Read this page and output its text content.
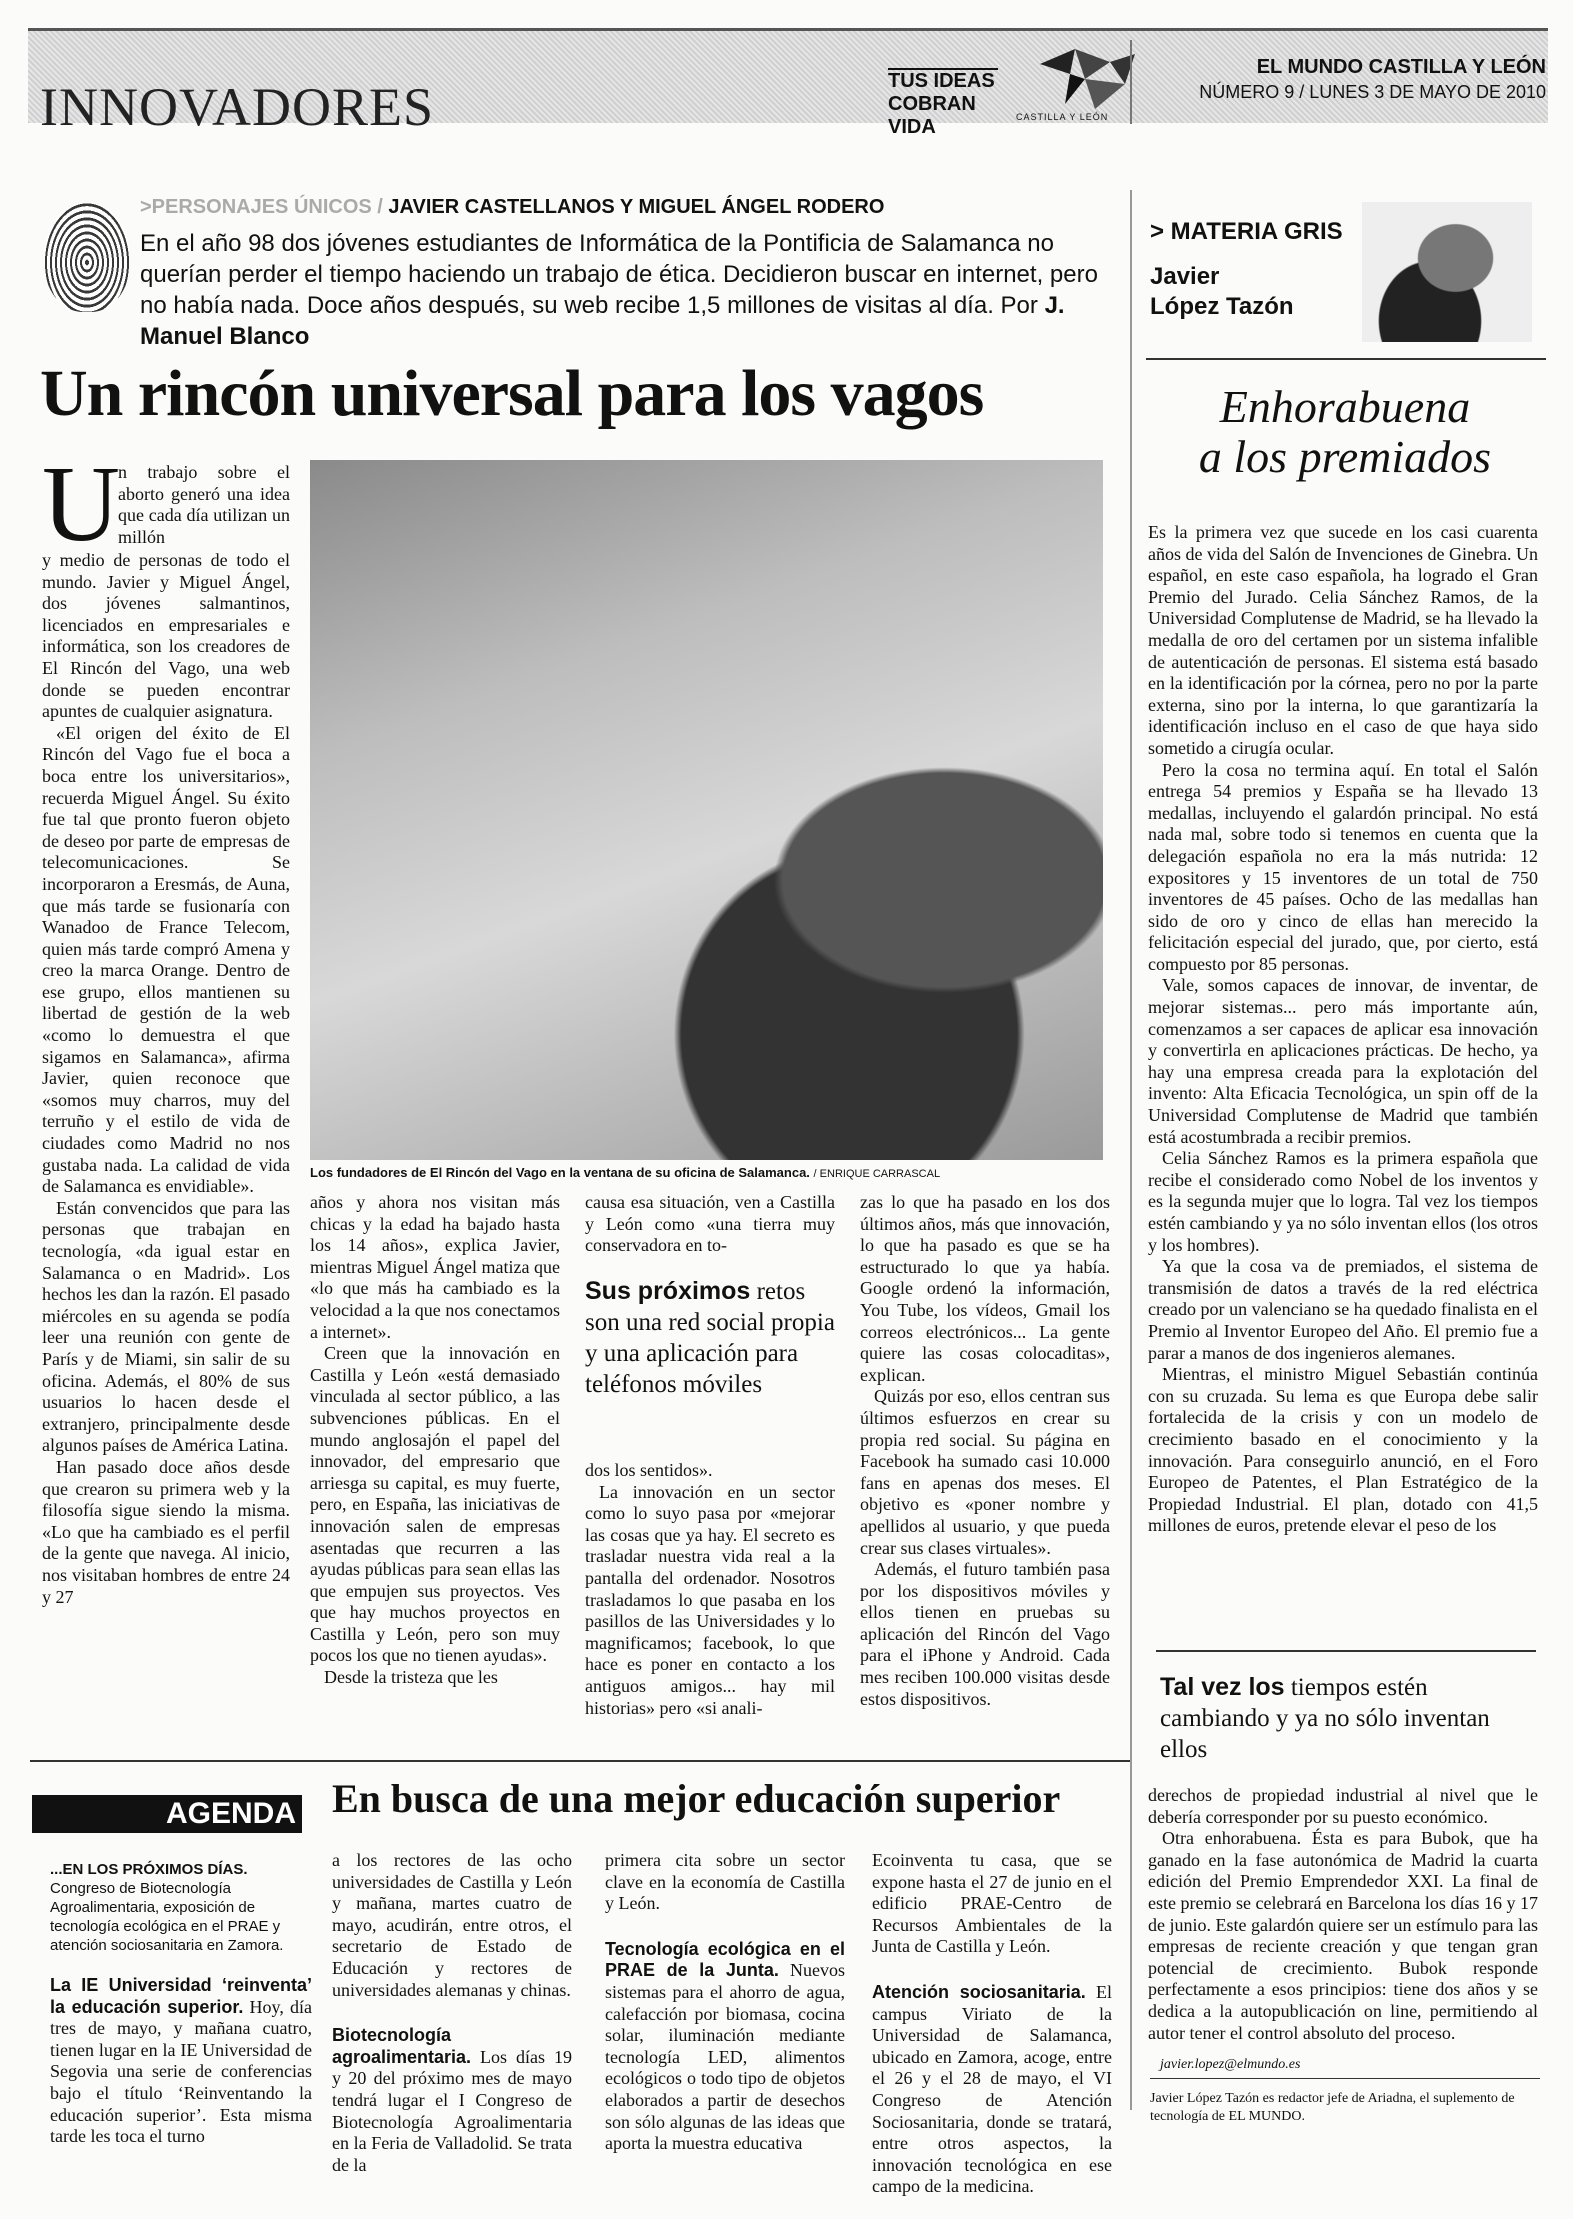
INNOVADORES	TUS IDEAS COBRAN VIDA	CASTILLA Y LEÓN
EL MUNDO CASTILLA Y LEÓN
NÚMERO 9 / LUNES 3 DE MAYO DE 2010
>PERSONAJES ÚNICOS / JAVIER CASTELLANOS Y MIGUEL ÁNGEL RODERO
En el año 98 dos jóvenes estudiantes de Informática de la Pontificia de Salamanca no querían perder el tiempo haciendo un trabajo de ética. Decidieron buscar en internet, pero no había nada. Doce años después, su web recibe 1,5 millones de visitas al día. Por J. Manuel Blanco
Un rincón universal para los vagos
Los fundadores de El Rincón del Vago en la ventana de su oficina de Salamanca. / ENRIQUE CARRASCAL
U
n trabajo sobre el aborto generó una idea que cada día utilizan un millón

y medio de personas de todo el mundo. Javier y Miguel Ángel, dos jóvenes salmantinos, licenciados en empresariales e informática, son los creadores de El Rincón del Vago, una web donde se pueden encontrar apuntes de cualquier asignatura.

«El origen del éxito de El Rincón del Vago fue el boca a boca entre los universitarios», recuerda Miguel Ángel. Su éxito fue tal que pronto fueron objeto de deseo por parte de empresas de telecomunicaciones. Se incorporaron a Eresmás, de Auna, que más tarde se fusionaría con Wanadoo de France Telecom, quien más tarde compró Amena y creo la marca Orange. Dentro de ese grupo, ellos mantienen su libertad de gestión de la web «como lo demuestra el que sigamos en Salamanca», afirma Javier, quien reconoce que «somos muy charros, muy del terruño y el estilo de vida de ciudades como Madrid no nos gustaba nada. La calidad de vida de Salamanca es envidiable».

Están convencidos que para las personas que trabajan en tecnología, «da igual estar en Salamanca o en Madrid». Los hechos les dan la razón. El pasado miércoles en su agenda se podía leer una reunión con gente de París y de Miami, sin salir de su oficina. Además, el 80% de sus usuarios lo hacen desde el extranjero, principalmente desde algunos países de América Latina.

Han pasado doce años desde que crearon su primera web y la filosofía sigue siendo la misma. «Lo que ha cambiado es el perfil de la gente que navega. Al inicio, nos visitaban hombres de entre 24 y 27

años y ahora nos visitan más chicas y la edad ha bajado hasta los 14 años», explica Javier, mientras Miguel Ángel matiza que «lo que más ha cambiado es la velocidad a la que nos conectamos a internet».

Creen que la innovación en Castilla y León «está demasiado vinculada al sector público, a las subvenciones públicas. En el mundo anglosajón el papel del innovador, del empresario que arriesga su capital, es muy fuerte, pero, en España, las iniciativas de innovación salen de empresas asentadas que recurren a las ayudas públicas para sean ellas las que empujen sus proyectos. Ves que hay muchos proyectos en Castilla y León, pero son muy pocos los que no tienen ayudas».

Desde la tristeza que les

causa esa situación, ven a Castilla y León como «una tierra muy conservadora en to-

Sus próximos retos son una red social propia y una aplicación para teléfonos móviles

dos los sentidos».

La innovación en un sector como lo suyo pasa por «mejorar las cosas que ya hay. El secreto es trasladar nuestra vida real a la pantalla del ordenador. Nosotros trasladamos lo que pasaba en los pasillos de las Universidades y lo magnificamos; facebook, lo que hace es poner en contacto a los antiguos amigos... hay mil historias» pero «si anali-

zas lo que ha pasado en los dos últimos años, más que innovación, lo que ha pasado es que se ha estructurado lo que ya había. Google ordenó la información, You Tube, los vídeos, Gmail los correos electrónicos... La gente quiere las cosas colocaditas», explican.

Quizás por eso, ellos centran sus últimos esfuerzos en crear su propia red social. Su página en Facebook ha sumado casi 10.000 fans en apenas dos meses. El objetivo es «poner nombre y apellidos al usuario, y que pueda crear sus clases virtuales».

Además, el futuro también pasa por los dispositivos móviles y ellos tienen en pruebas su aplicación del Rincón del Vago para el iPhone y Android. Cada mes reciben 100.000 visitas desde estos dispositivos.

> MATERIA GRIS
Javier
López Tazón
Enhorabuena
a los premiados

Es la primera vez que sucede en los casi cuarenta años de vida del Salón de Invenciones de Ginebra. Un español, en este caso española, ha logrado el Gran Premio del Jurado. Celia Sánchez Ramos, de la Universidad Complutense de Madrid, se ha llevado la medalla de oro del certamen por un sistema infalible de autenticación de personas. El sistema está basado en la identificación por la córnea, pero no por la parte externa, sino por la interna, lo que garantizaría la identificación incluso en el caso de que haya sido sometido a cirugía ocular.

Pero la cosa no termina aquí. En total el Salón entrega 54 premios y España se ha llevado 13 medallas, incluyendo el galardón principal. No está nada mal, sobre todo si tenemos en cuenta que la delegación española no era la más nutrida: 12 expositores y 15 inventores de un total de 750 inventores de 45 países. Ocho de las medallas han sido de oro y cinco de ellas han merecido la felicitación especial del jurado, que, por cierto, está compuesto por 85 personas.

Vale, somos capaces de innovar, de inventar, de mejorar sistemas... pero más importante aún, comenzamos a ser capaces de aplicar esa innovación y convertirla en aplicaciones prácticas. De hecho, ya hay una empresa creada para la explotación del invento: Alta Eficacia Tecnológica, un spin off de la Universidad Complutense de Madrid que también está acostumbrada a recibir premios.

Celia Sánchez Ramos es la primera española que recibe el considerado como Nobel de los inventos y es la segunda mujer que lo logra. Tal vez los tiempos estén cambiando y ya no sólo inventan ellos (los otros y los hombres).

Ya que la cosa va de premiados, el sistema de transmisión de datos a través de la red eléctrica creado por un valenciano se ha quedado finalista en el Premio al Inventor Europeo del Año. El premio fue a parar a manos de dos ingenieros alemanes.

Mientras, el ministro Miguel Sebastián continúa con su cruzada. Su lema es que Europa debe salir fortalecida de la crisis y con un modelo de crecimiento basado en el conocimiento y la innovación. Para conseguirlo anunció, en el Foro Europeo de Patentes, el Plan Estratégico de la Propiedad Industrial. El plan, dotado con 41,5 millones de euros, pretende elevar el peso de los

Tal vez los tiempos estén cambiando y ya no sólo inventan ellos

derechos de propiedad industrial al nivel que le debería corresponder por su puesto económico.

Otra enhorabuena. Ésta es para Bubok, que ha ganado en la fase autonómica de Madrid la cuarta edición del Premio Emprendedor XXI. La final de este premio se celebrará en Barcelona los días 16 y 17 de junio. Este galardón quiere ser un estímulo para las empresas de reciente creación y que tengan gran potencial de crecimiento. Bubok responde perfectamente a esos principios: tiene dos años y se dedica a la autopublicación on line, permitiendo al autor tener el control absoluto del proceso.

javier.lopez@elmundo.es
Javier López Tazón es redactor jefe de Ariadna, el suplemento de tecnología de EL MUNDO.
AGENDA En busca de una mejor educación superior
...EN LOS PRÓXIMOS DÍAS. Congreso de Biotecnología Agroalimentaria, exposición de tecnología ecológica en el PRAE y atención sociosanitaria en Zamora.
La IE Universidad ‘reinventa’ la educación superior. Hoy, día tres de mayo, y mañana cuatro, tienen lugar en la IE Universidad de Segovia una serie de conferencias bajo el título ‘Reinventando la educación superior’. Esta misma tarde les toca el turno
a los rectores de las ocho universidades de Castilla y León y mañana, martes cuatro de mayo, acudirán, entre otros, el secretario de Estado de Educación y rectores de universidades alemanas y chinas.
Biotecnología agroalimentaria. Los días 19 y 20 del próximo mes de mayo tendrá lugar el I Congreso de Biotecnología Agroalimentaria en la Feria de Valladolid. Se trata de la
primera cita sobre un sector clave en la economía de Castilla y León.
Tecnología ecológica en el PRAE de la Junta. Nuevos sistemas para el ahorro de agua, calefacción por biomasa, cocina solar, iluminación mediante tecnología LED, alimentos ecológicos o todo tipo de objetos elaborados a partir de desechos son sólo algunas de las ideas que aporta la muestra educativa
Ecoinventa tu casa, que se expone hasta el 27 de junio en el edificio PRAE-Centro de Recursos Ambientales de la Junta de Castilla y León.
Atención sociosanitaria. El campus Viriato de la Universidad de Salamanca, ubicado en Zamora, acoge, entre el 26 y el 28 de mayo, el VI Congreso de Atención Sociosanitaria, donde se tratará, entre otros aspectos, la innovación tecnológica en ese campo de la medicina.
